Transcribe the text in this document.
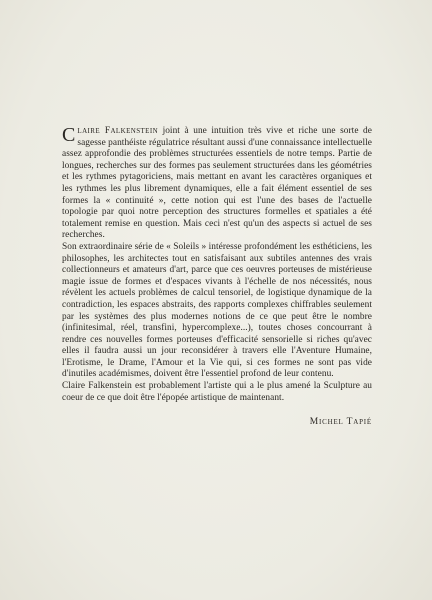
Claire Falkenstein joint à une intuition très vive et riche une sorte de sagesse panthéiste régulatrice résultant aussi d'une connaissance intellectuelle assez approfondie des problèmes structurées essentiels de notre temps. Partie de longues, recherches sur des formes pas seulement structurées dans les géométries et les rythmes pytagoriciens, mais mettant en avant les caractères organiques et les rythmes les plus librement dynamiques, elle a fait élément essentiel de ses formes la « continuité », cette notion qui est l'une des bases de l'actuelle topologie par quoi notre perception des structures formelles et spatiales a été totalement remise en question. Mais ceci n'est qu'un des aspects si actuel de ses recherches.

Son extraordinaire série de « Soleils » intéresse profondément les esthéticiens, les philosophes, les architectes tout en satisfaisant aux subtiles antennes des vrais collectionneurs et amateurs d'art, parce que ces oeuvres porteuses de mistérieuse magie issue de formes et d'espaces vivants à l'échelle de nos nécessités, nous révèlent les actuels problèmes de calcul tensoriel, de logistique dynamique de la contradiction, les espaces abstraits, des rapports complexes chiffrables seulement par les systèmes des plus modernes notions de ce que peut être le nombre (infinitesimal, réel, transfini, hypercomplexe...), toutes choses concourrant à rendre ces nouvelles formes porteuses d'efficacité sensorielle si riches qu'avec elles il faudra aussi un jour reconsidérer à travers elle l'Aventure Humaine, l'Erotisme, le Drame, l'Amour et la Vie qui, si ces formes ne sont pas vide d'inutiles académismes, doivent être l'essentiel profond de leur contenu.

Claire Falkenstein est probablement l'artiste qui a le plus amené la Sculpture au coeur de ce que doit être l'épopée artistique de maintenant.

Michel Tapié
